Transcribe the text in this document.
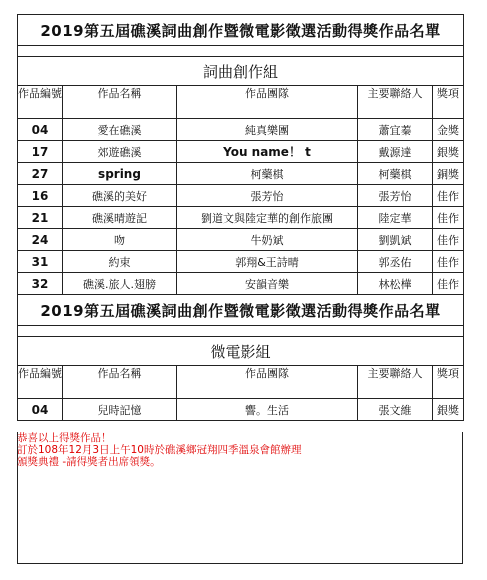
2019第五屆礁溪詞曲創作暨微電影徵選活動得獎作品名單				

詞曲創作組				
作品編號	作品名稱	作品團隊	主要聯絡人	獎項
04	愛在礁溪	純真樂團	蕭宜蓁	金獎
17	郊遊礁溪	You name！ t	戴源達	銀獎
27	spring	柯藥棋	柯藥棋	銅獎
16	礁溪的美好	張芳怡	張芳怡	佳作
21	礁溪晴遊記	劉道文與陸定華的創作旅團	陸定華	佳作
24	吻	牛奶斌	劉凱斌	佳作
31	約束	郭翔&王詩晴	郭丞佑	佳作
32	礁溪.旅人.翅膀	安韻音樂	林松樺	佳作
2019第五屆礁溪詞曲創作暨微電影徵選活動得獎作品名單				

微電影組				
作品編號	作品名稱	作品團隊	主要聯絡人	獎項
04	兒時記憶	響。生活	張文維	銀獎
恭喜以上得獎作品！
訂於108年12月3日上午10時於礁溪鄉冠翔四季溫泉會館辦理
頒獎典禮 -請得獎者出席領獎。
